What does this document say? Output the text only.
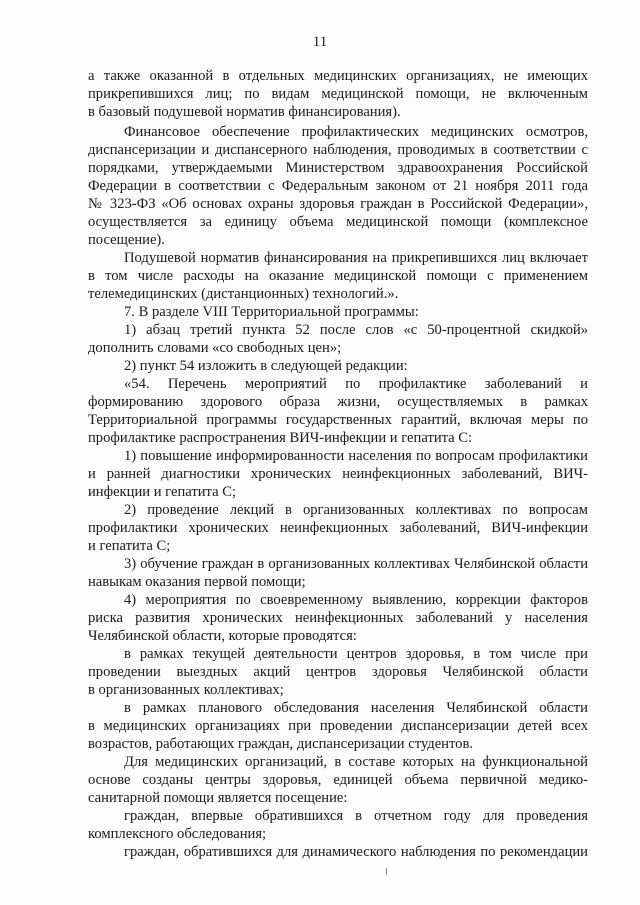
11
а также оказанной в отдельных медицинских организациях, не имеющих
прикрепившихся лиц; по видам медицинской помощи, не включенным
в базовый подушевой норматив финансирования).
Финансовое обеспечение профилактических медицинских осмотров,
диспансеризации и диспансерного наблюдения, проводимых в соответствии с
порядками, утверждаемыми Министерством здравоохранения Российской
Федерации в соответствии с Федеральным законом от 21 ноября 2011 года
№ 323-ФЗ «Об основах охраны здоровья граждан в Российской Федерации»,
осуществляется за единицу объема медицинской помощи (комплексное
посещение).
Подушевой норматив финансирования на прикрепившихся лиц включает
в том числе расходы на оказание медицинской помощи с применением
телемедицинских (дистанционных) технологий.».
7. В разделе VIII Территориальной программы:
1) абзац третий пункта 52 после слов «с 50-процентной скидкой»
дополнить словами «со свободных цен»;
2) пункт 54 изложить в следующей редакции:
«54. Перечень мероприятий по профилактике заболеваний и
формированию здорового образа жизни, осуществляемых в рамках
Территориальной программы государственных гарантий, включая меры по
профилактике распространения ВИЧ-инфекции и гепатита С:
1) повышение информированности населения по вопросам профилактики
и ранней диагностики хронических неинфекционных заболеваний, ВИЧ-
инфекции и гепатита С;
2) проведение лекций в организованных коллективах по вопросам
профилактики хронических неинфекционных заболеваний, ВИЧ-инфекции
и гепатита С;
3) обучение граждан в организованных коллективах Челябинской области
навыкам оказания первой помощи;
4) мероприятия по своевременному выявлению, коррекции факторов
риска развития хронических неинфекционных заболеваний у населения
Челябинской области, которые проводятся:
в рамках текущей деятельности центров здоровья, в том числе при
проведении выездных акций центров здоровья Челябинской области
в организованных коллективах;
в рамках планового обследования населения Челябинской области
в медицинских организациях при проведении диспансеризации детей всех
возрастов, работающих граждан, диспансеризации студентов.
Для медицинских организаций, в составе которых на функциональной
основе созданы центры здоровья, единицей объема первичной медико-
санитарной помощи является посещение:
граждан, впервые обратившихся в отчетном году для проведения
комплексного обследования;
граждан, обратившихся для динамического наблюдения по рекомендации
